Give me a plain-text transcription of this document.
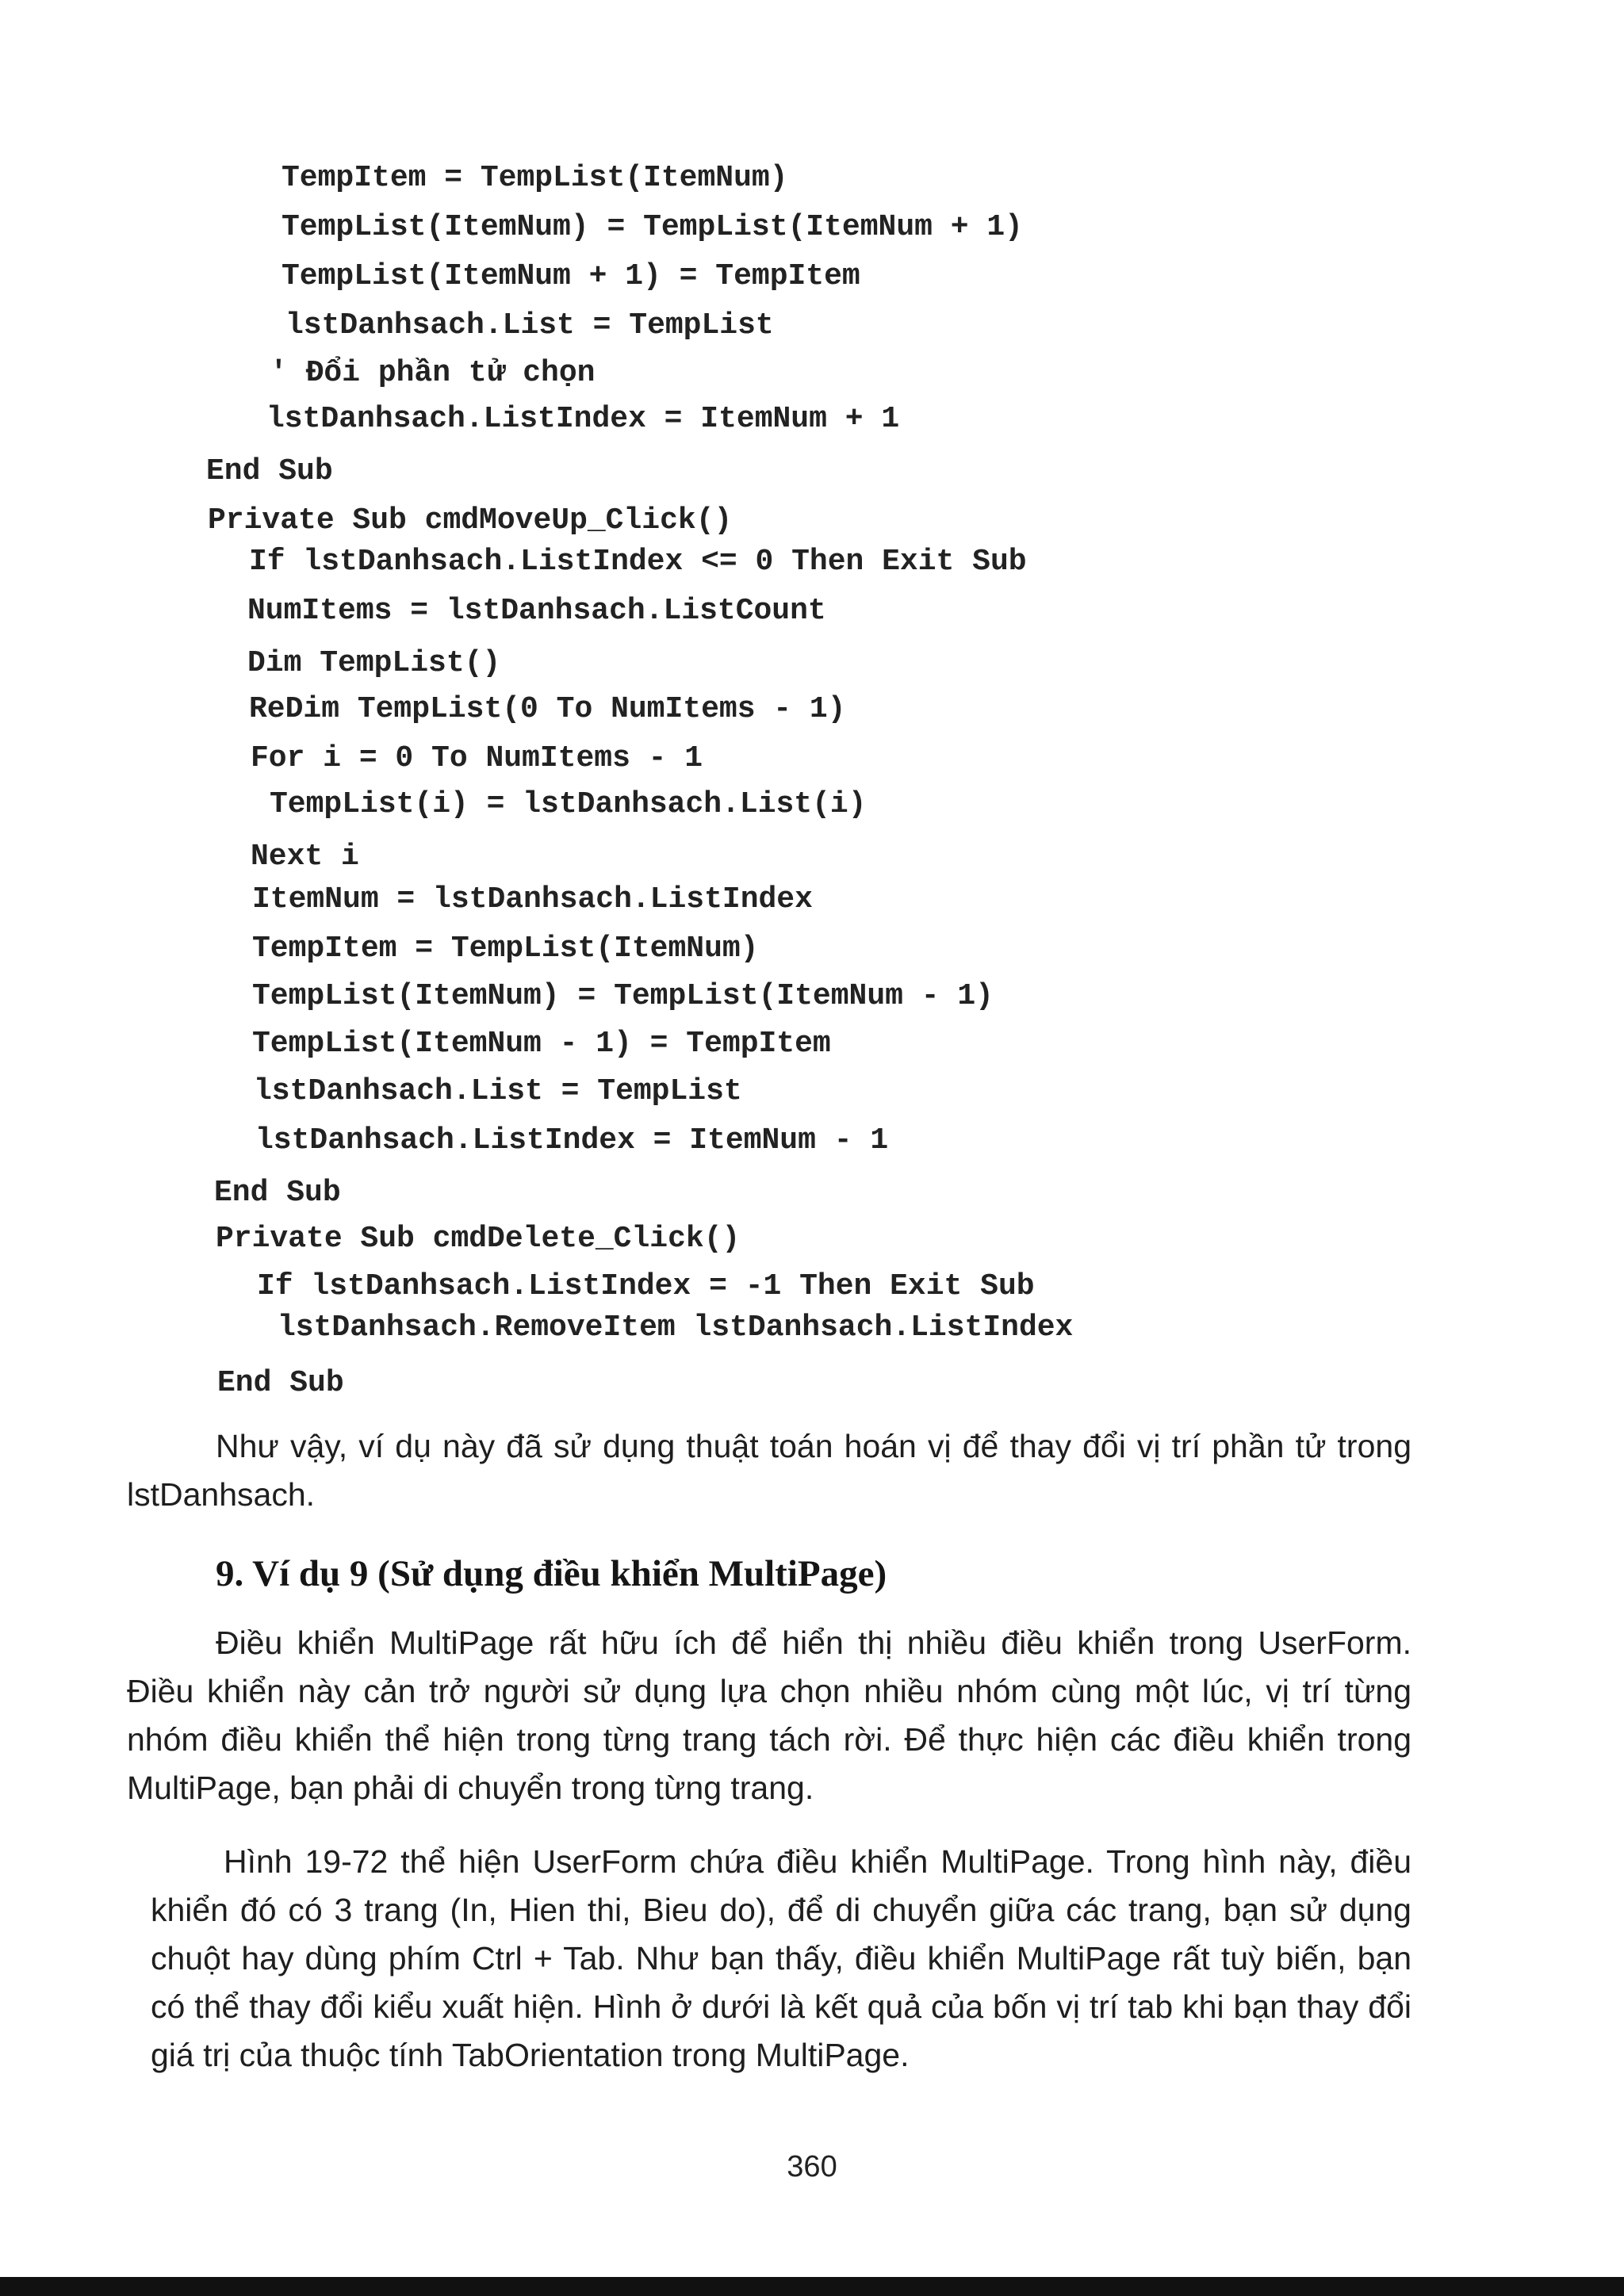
TempItem = TempList(ItemNum)

TempList(ItemNum) = TempList(ItemNum + 1)

TempList(ItemNum + 1) = TempItem

lstDanhsach.List = TempList

' Đổi phần tử chọn

lstDanhsach.ListIndex = ItemNum + 1

End Sub

Private Sub cmdMoveUp_Click()

If lstDanhsach.ListIndex <= 0 Then Exit Sub

NumItems = lstDanhsach.ListCount

Dim TempList()

ReDim TempList(0 To NumItems - 1)

For i = 0 To NumItems - 1

TempList(i) = lstDanhsach.List(i)

Next i

ItemNum = lstDanhsach.ListIndex

TempItem = TempList(ItemNum)

TempList(ItemNum) = TempList(ItemNum - 1)

TempList(ItemNum - 1) = TempItem

lstDanhsach.List = TempList

lstDanhsach.ListIndex = ItemNum - 1

End Sub

Private Sub cmdDelete_Click()

If lstDanhsach.ListIndex = -1 Then Exit Sub

lstDanhsach.RemoveItem lstDanhsach.ListIndex

End Sub

Như vậy, ví dụ này đã sử dụng thuật toán hoán vị để thay đổi vị trí phần tử trong lstDanhsach.
9. Ví dụ 9 (Sử dụng điều khiển MultiPage)
Điều khiển MultiPage rất hữu ích để hiển thị nhiều điều khiển trong UserForm. Điều khiển này cản trở người sử dụng lựa chọn nhiều nhóm cùng một lúc, vị trí từng nhóm điều khiển thể hiện trong từng trang tách rời. Để thực hiện các điều khiển trong MultiPage, bạn phải di chuyển trong từng trang.
Hình 19-72 thể hiện UserForm chứa điều khiển MultiPage. Trong hình này, điều khiển đó có 3 trang (In, Hien thi, Bieu do), để di chuyển giữa các trang, bạn sử dụng chuột hay dùng phím Ctrl + Tab. Như bạn thấy, điều khiển MultiPage rất tuỳ biến, bạn có thể thay đổi kiểu xuất hiện. Hình ở dưới là kết quả của bốn vị trí tab khi bạn thay đổi giá trị của thuộc tính TabOrientation trong MultiPage.
360
